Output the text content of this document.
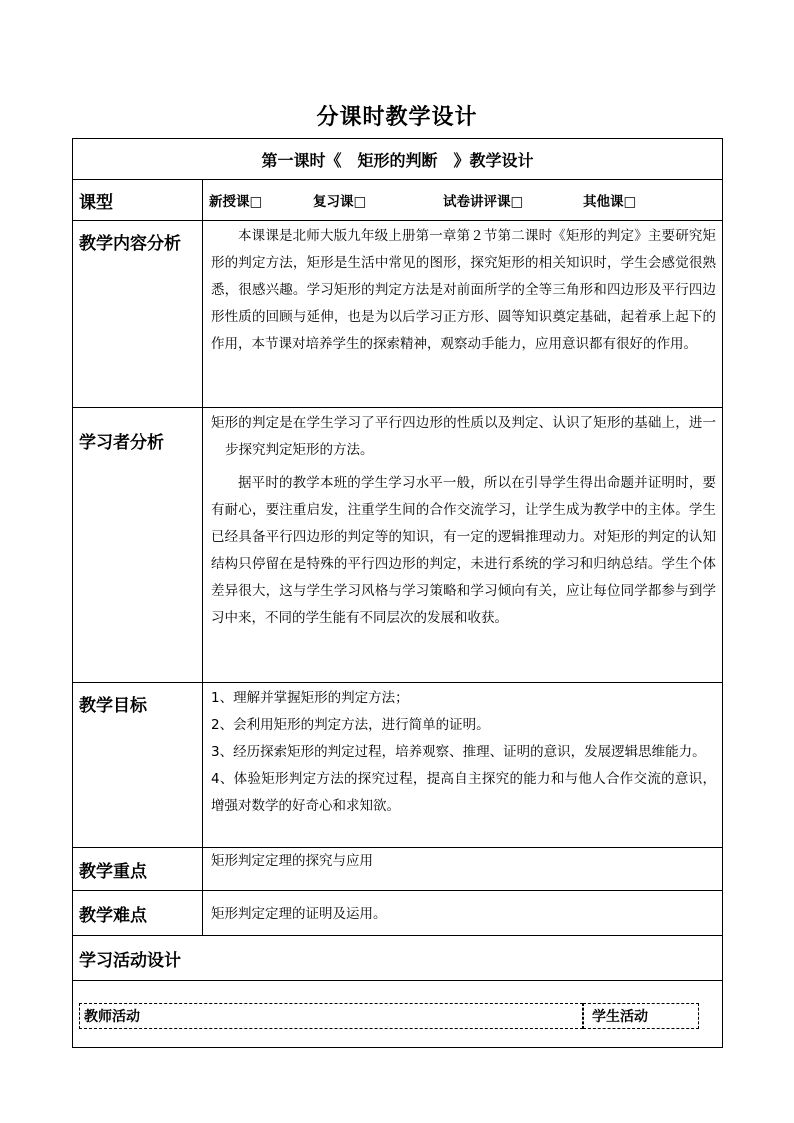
分课时教学设计
第一课时《　矩形的判断　》教学设计	
课型	新授课□ 复习课□ 试卷讲评课□ 其他课□
教学内容分析	本课课是北师大版九年级上册第一章第２节第二课时《矩形的判定》主要研究矩形的判定方法，矩形是生活中常见的图形，探究矩形的相关知识时，学生会感觉很熟悉，很感兴趣。学习矩形的判定方法是对前面所学的全等三角形和四边形及平行四边形性质的回顾与延伸，也是为以后学习正方形、圆等知识奠定基础，起着承上起下的作用，本节课对培养学生的探索精神，观察动手能力，应用意识都有很好的作用。

学习者分析	矩形的判定是在学生学习了平行四边形的性质以及判定、认识了矩形的基础上，进一步探究判定矩形的方法。

据平时的教学本班的学生学习水平一般，所以在引导学生得出命题并证明时，要有耐心，要注重启发，注重学生间的合作交流学习，让学生成为教学中的主体。学生已经具备平行四边形的判定等的知识，有一定的逻辑推理动力。对矩形的判定的认知结构只停留在是特殊的平行四边形的判定，未进行系统的学习和归纳总结。学生个体差异很大，这与学生学习风格与学习策略和学习倾向有关，应让每位同学都参与到学习中来，不同的学生能有不同层次的发展和收获。

教学目标	1、理解并掌握矩形的判定方法；

2、会利用矩形的判定方法，进行简单的证明。

3、经历探索矩形的判定过程，培养观察、推理、证明的意识，发展逻辑思维能力。

4、体验矩形判定方法的探究过程，提高自主探究的能力和与他人合作交流的意识，增强对数学的好奇心和求知欲。

教学重点	矩形判定定理的探究与应用
教学难点	矩形判定定理的证明及运用。
学习活动设计	

教师活动 学生活动	
